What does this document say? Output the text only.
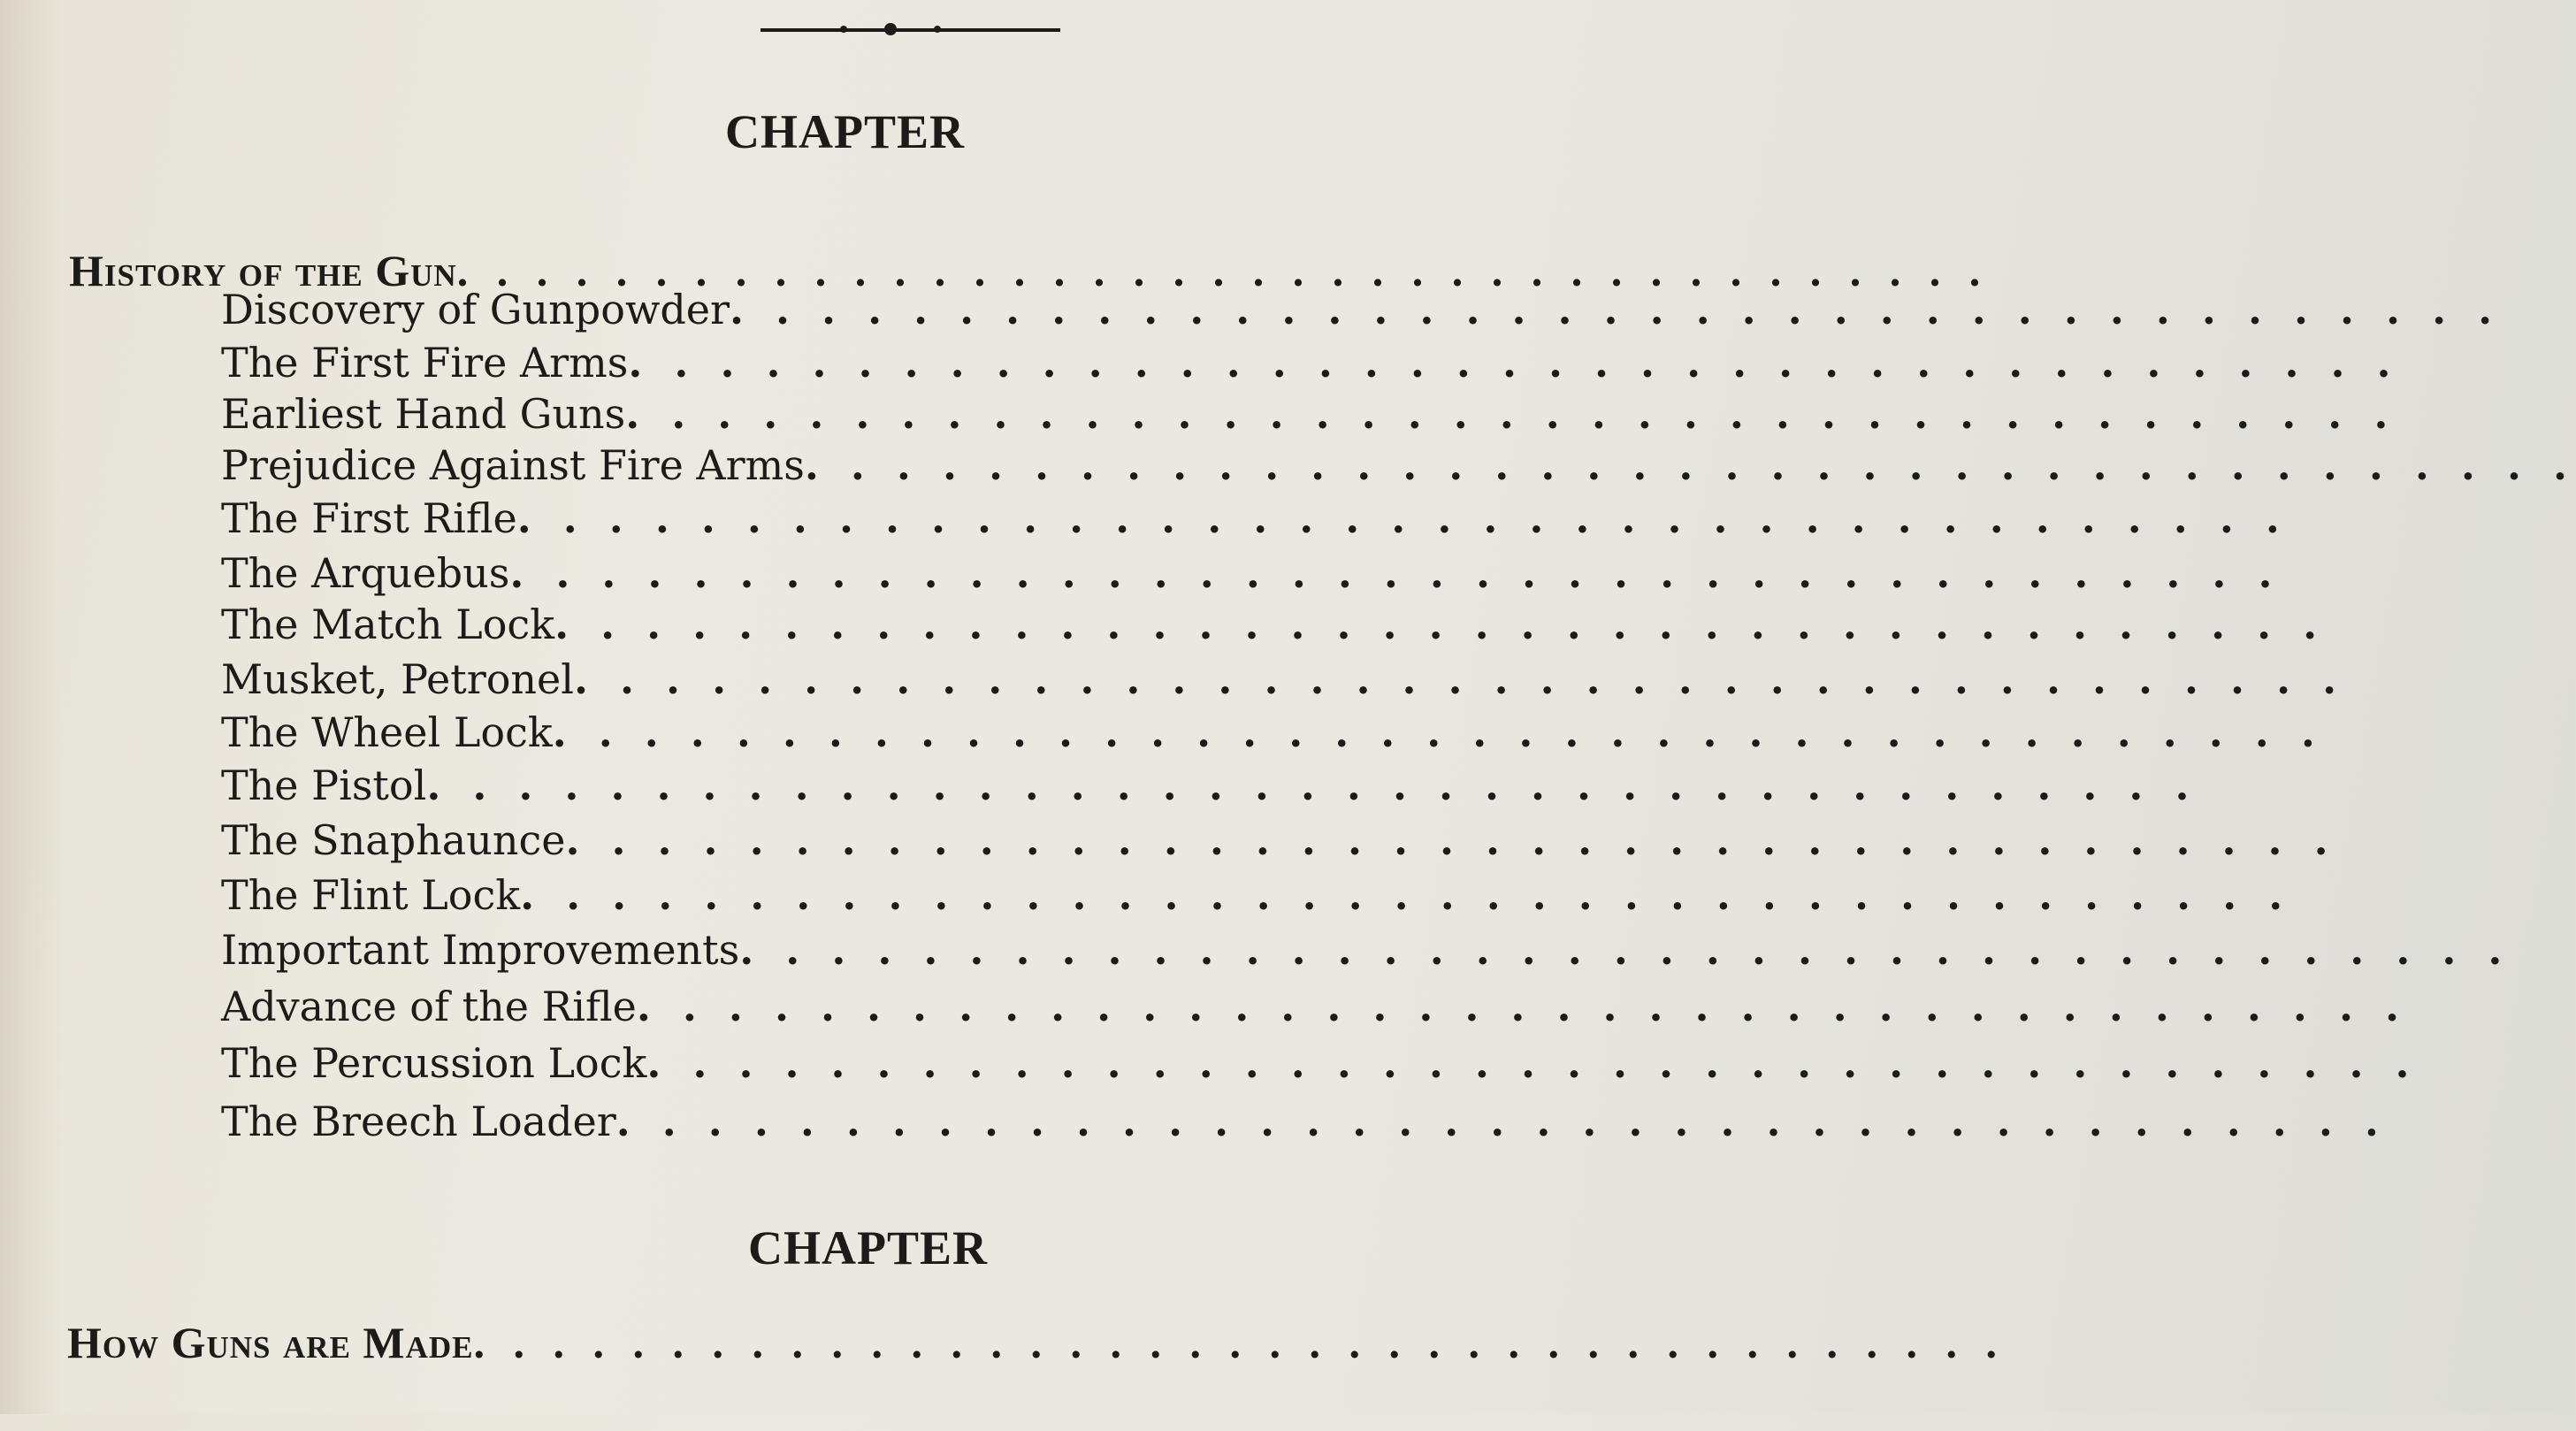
CHAPTER
History of the Gun. . . . . . . . . . . . . . . . . . . . . . . . . . . . . . . . . . . . . . .
Discovery of Gunpowder. . . . . . . . . . . . . . . . . . . . . . . . . . . . . . . . . . . . . . .
The First Fire Arms. . . . . . . . . . . . . . . . . . . . . . . . . . . . . . . . . . . . . . .
Earliest Hand Guns. . . . . . . . . . . . . . . . . . . . . . . . . . . . . . . . . . . . . . .
Prejudice Against Fire Arms. . . . . . . . . . . . . . . . . . . . . . . . . . . . . . . . . . . . . . .
The First Rifle. . . . . . . . . . . . . . . . . . . . . . . . . . . . . . . . . . . . . . .
The Arquebus. . . . . . . . . . . . . . . . . . . . . . . . . . . . . . . . . . . . . . .
The Match Lock. . . . . . . . . . . . . . . . . . . . . . . . . . . . . . . . . . . . . . .
Musket, Petronel. . . . . . . . . . . . . . . . . . . . . . . . . . . . . . . . . . . . . . .
The Wheel Lock. . . . . . . . . . . . . . . . . . . . . . . . . . . . . . . . . . . . . . .
The Pistol. . . . . . . . . . . . . . . . . . . . . . . . . . . . . . . . . . . . . . .
The Snaphaunce. . . . . . . . . . . . . . . . . . . . . . . . . . . . . . . . . . . . . . .
The Flint Lock. . . . . . . . . . . . . . . . . . . . . . . . . . . . . . . . . . . . . . .
Important Improvements. . . . . . . . . . . . . . . . . . . . . . . . . . . . . . . . . . . . . . .
Advance of the Rifle. . . . . . . . . . . . . . . . . . . . . . . . . . . . . . . . . . . . . . .
The Percussion Lock. . . . . . . . . . . . . . . . . . . . . . . . . . . . . . . . . . . . . . .
The Breech Loader. . . . . . . . . . . . . . . . . . . . . . . . . . . . . . . . . . . . . . .
CHAPTER
How Guns are Made. . . . . . . . . . . . . . . . . . . . . . . . . . . . . . . . . . . . . . .
